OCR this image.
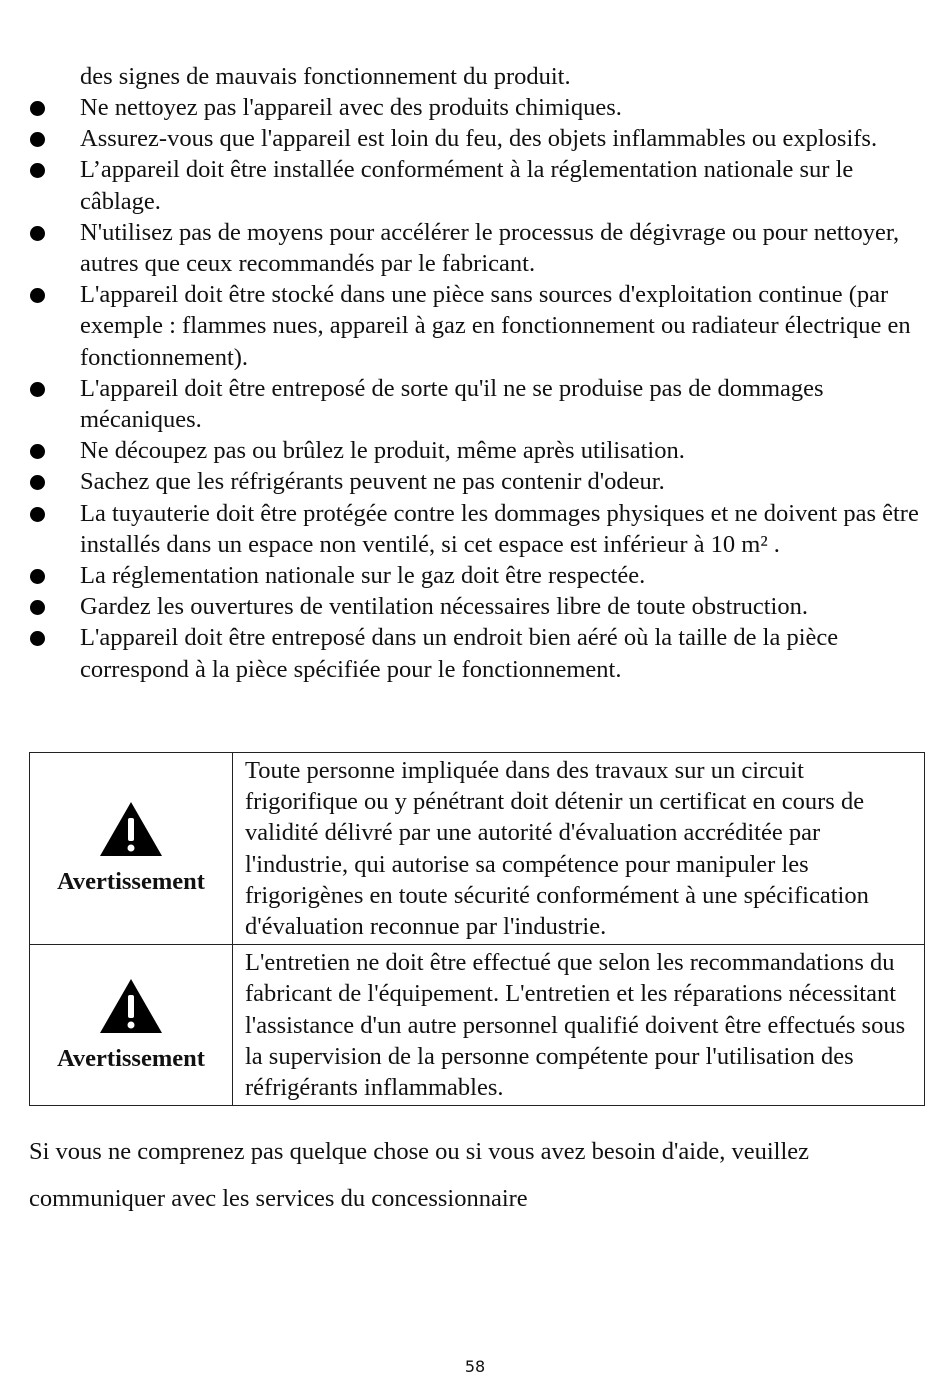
des signes de mauvais fonctionnement du produit.
Ne nettoyez pas l'appareil avec des produits chimiques.
Assurez-vous que l'appareil est loin du feu, des objets inflammables ou explosifs.
L’appareil doit être installée conformément à la réglementation nationale sur le câblage.
N'utilisez pas de moyens pour accélérer le processus de dégivrage ou pour nettoyer, autres que ceux recommandés par le fabricant.
L'appareil doit être stocké dans une pièce sans sources d'exploitation continue (par exemple : flammes nues, appareil à gaz en fonctionnement ou radiateur électrique en fonctionnement).
L'appareil doit être entreposé de sorte qu'il ne se produise pas de dommages mécaniques.
Ne découpez pas ou brûlez le produit, même après utilisation.
Sachez que les réfrigérants peuvent ne pas contenir d'odeur.
La tuyauterie doit être protégée contre les dommages physiques et ne doivent pas être installés dans un espace non ventilé, si cet espace est inférieur à 10 m² .
La réglementation nationale sur le gaz doit être respectée.
Gardez les ouvertures de ventilation nécessaires libre de toute obstruction.
L'appareil doit être entreposé dans un endroit bien aéré où la taille de la pièce correspond à la pièce spécifiée pour le fonctionnement.
Avertissement	Toute personne impliquée dans des travaux sur un circuit frigorifique ou y pénétrant doit détenir un certificat en cours de validité délivré par une autorité d'évaluation accréditée par l'industrie, qui autorise sa compétence pour manipuler les frigorigènes en toute sécurité conformément à une spécification d'évaluation reconnue par l'industrie.

Avertissement	L'entretien ne doit être effectué que selon les recommandations du fabricant de l'équipement. L'entretien et les réparations nécessitant l'assistance d'un autre personnel qualifié doivent être effectués sous la supervision de la personne compétente pour l'utilisation des réfrigérants inflammables.
Si vous ne comprenez pas quelque chose ou si vous avez besoin d'aide, veuillez communiquer avec les services du concessionnaire
58
